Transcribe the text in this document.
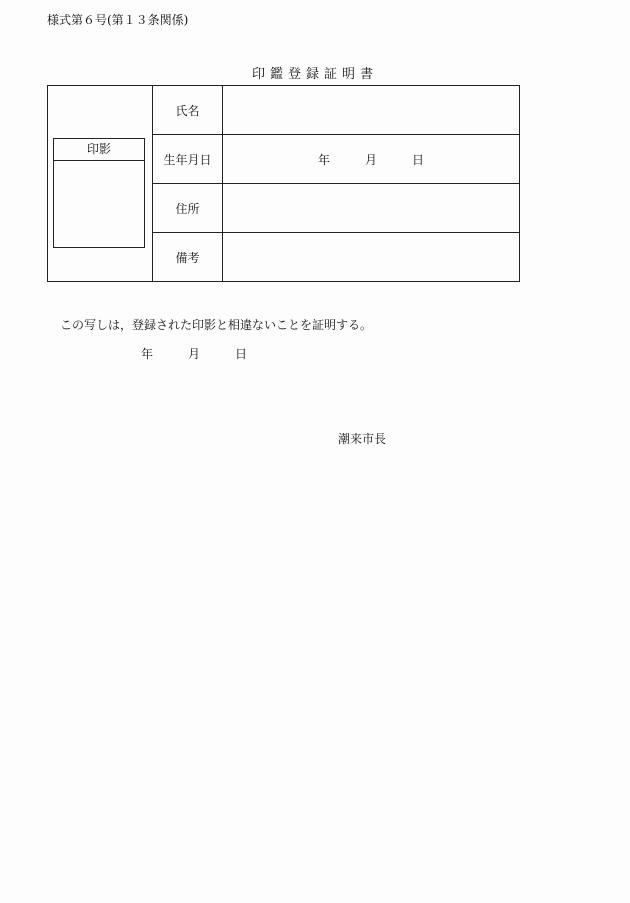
様式第６号(第１３条関係)
印鑑登録証明書
印影	氏名	
	生年月日	年 月 日

	住所	
	備考	
この写しは，登録された印影と相違ないことを証明する。
年	月	日
潮来市長
